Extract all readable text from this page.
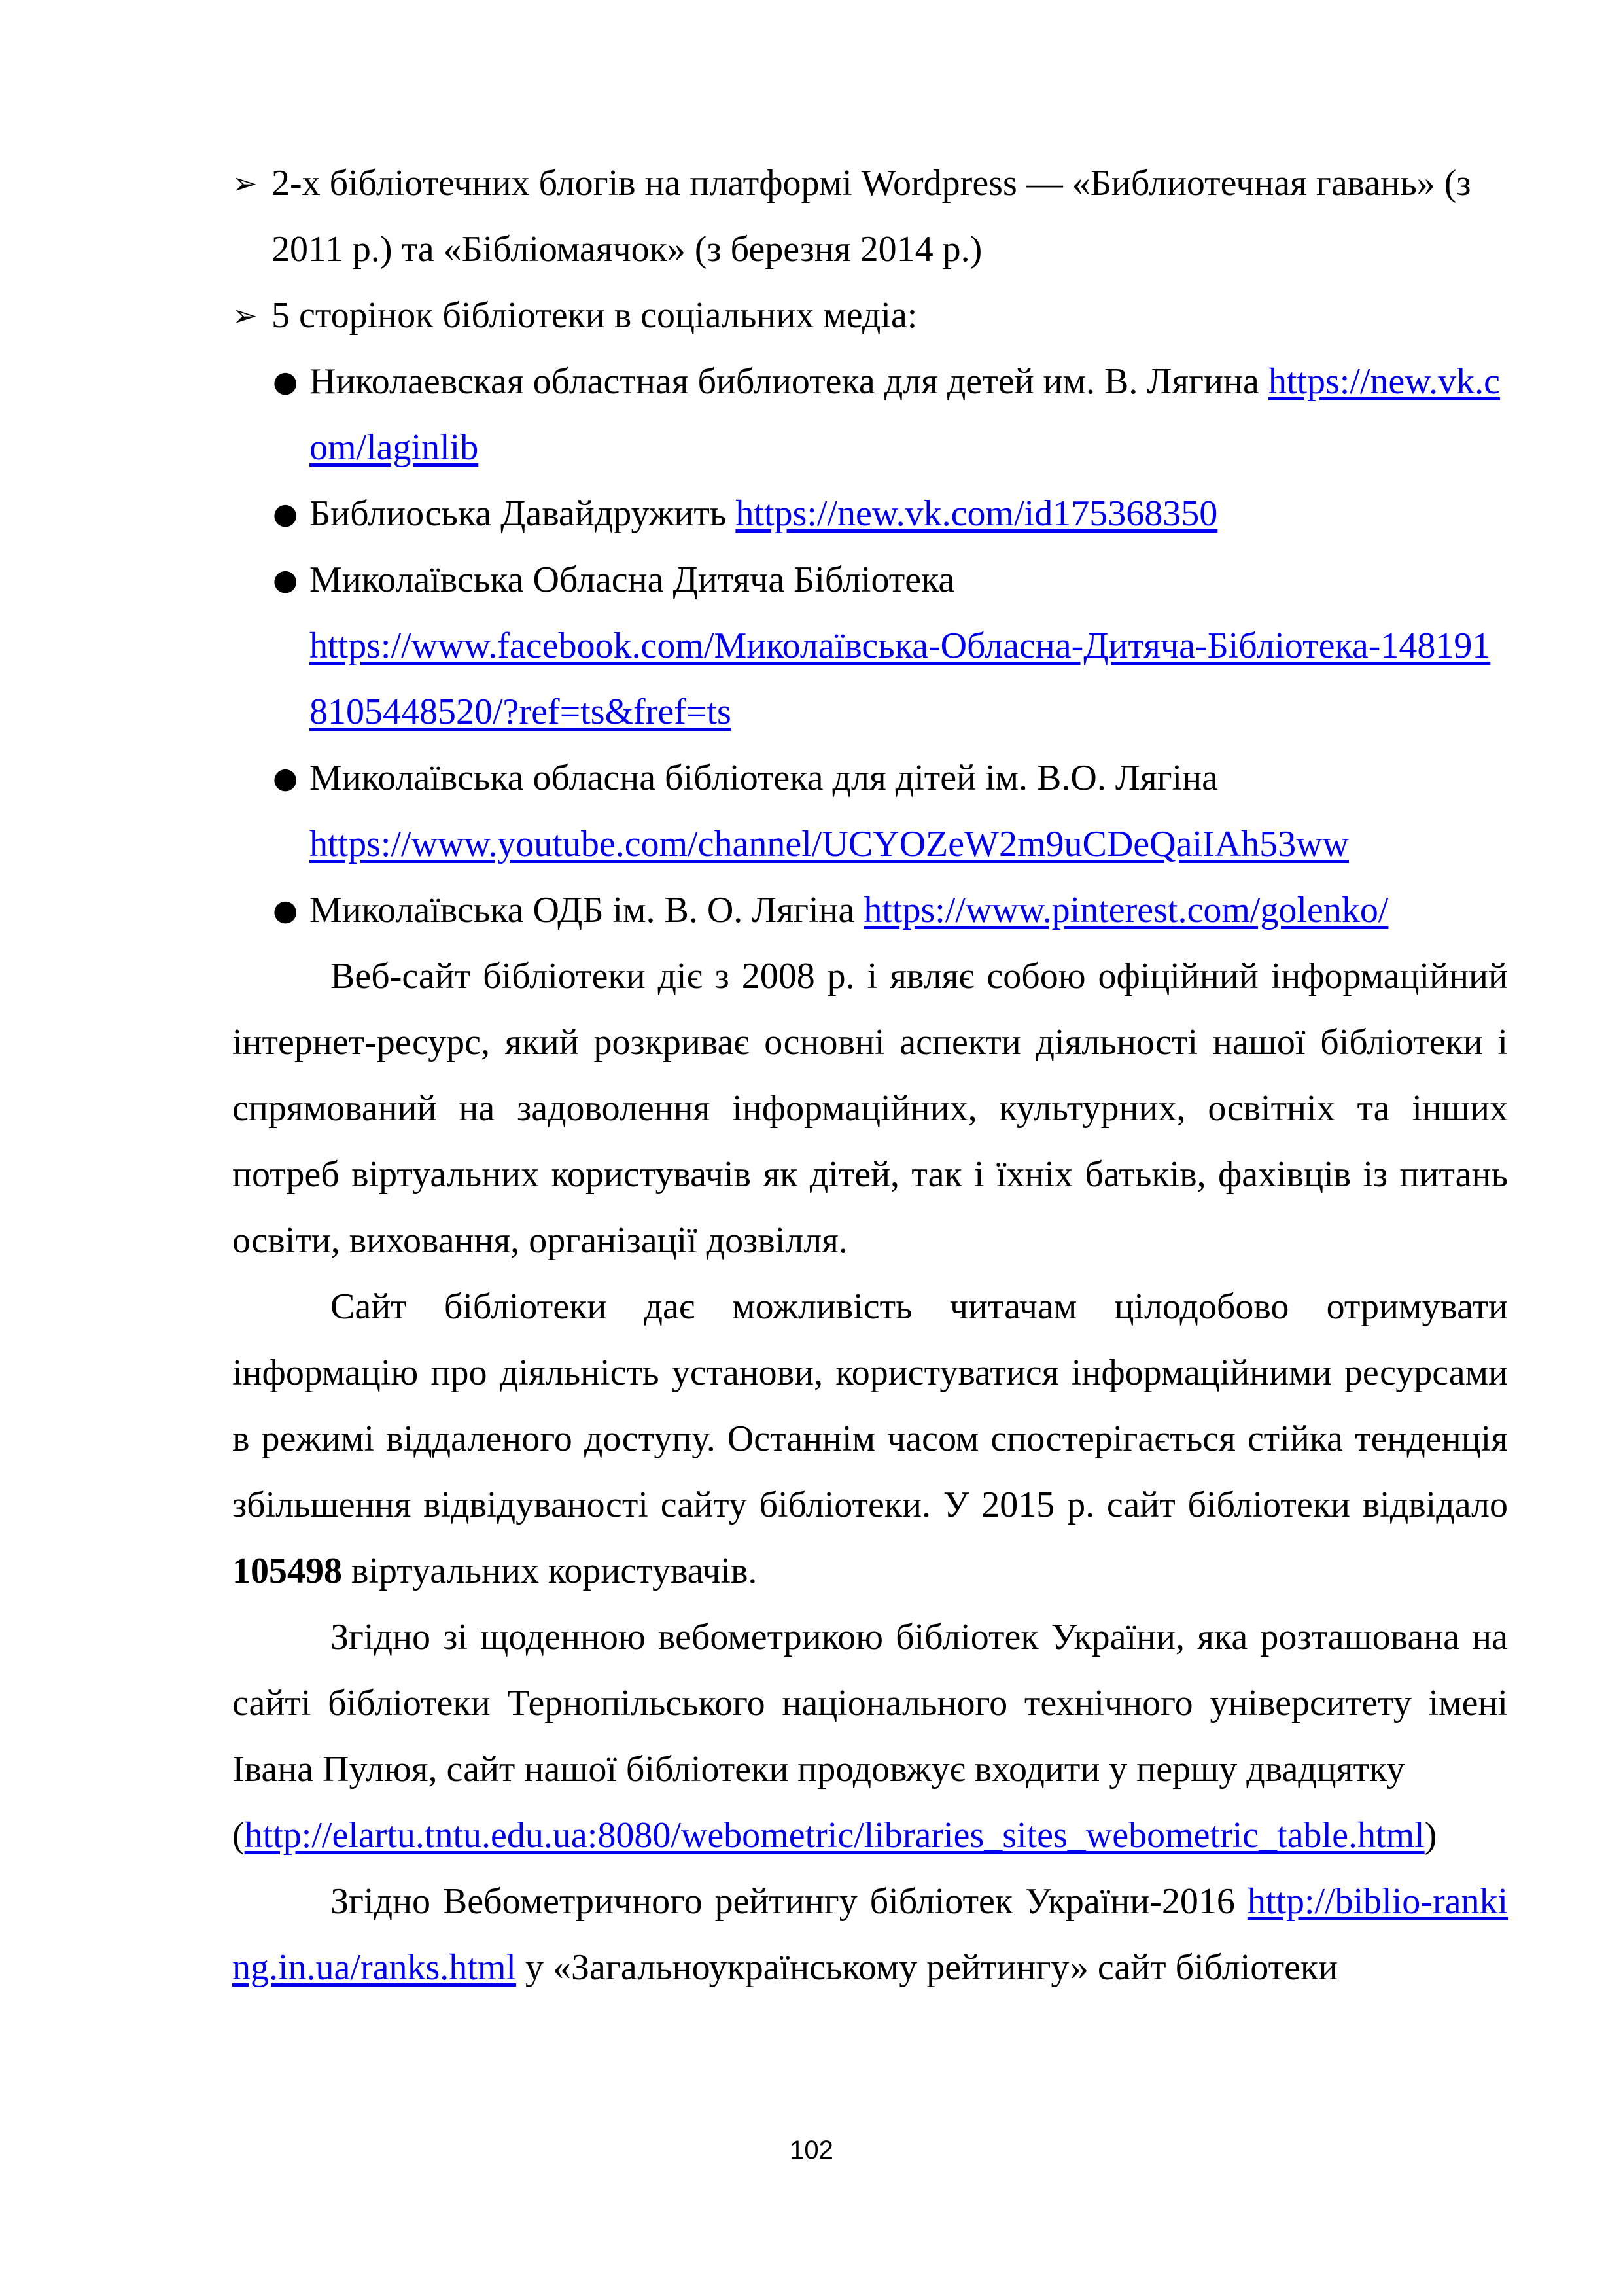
➢ 2-х бібліотечних блогів на платформі Wordpress — «Библиотечная гавань» (з 2011 р.) та «Бібліомаячок» (з березня 2014 р.)
➢ 5 сторінок бібліотеки в соціальних медіа:
● Николаевская областная библиотека для детей им. В. Лягина https://new.vk.com/laginlib
● Библиоська Давайдружить https://new.vk.com/id175368350
● Миколаївська Обласна Дитяча Бібліотека
https://www.facebook.com/Миколаївська-Обласна-Дитяча-Бібліотека-1481918105448520/?ref=ts&fref=ts
● Миколаївська обласна бібліотека для дітей ім. В.О. Лягіна
https://www.youtube.com/channel/UCYOZeW2m9uCDeQaiIAh53ww
● Миколаївська ОДБ ім. В. О. Лягіна https://www.pinterest.com/golenko/

Веб-сайт бібліотеки діє з 2008 р. і являє собою офіційний інформаційний інтернет-ресурс, який розкриває основні аспекти діяльності нашої бібліотеки і спрямований на задоволення інформаційних, культурних, освітніх та інших потреб віртуальних користувачів як дітей, так і їхніх батьків, фахівців із питань освіти, виховання, організації дозвілля.

Сайт бібліотеки дає можливість читачам цілодобово отримувати інформацію про діяльність установи, користуватися інформаційними ресурсами в режимі віддаленого доступу. Останнім часом спостерігається стійка тенденція збільшення відвідуваності сайту бібліотеки. У 2015 р. сайт бібліотеки відвідало 105498 віртуальних користувачів.

Згідно зі щоденною вебометрикою бібліотек України, яка розташована на сайті бібліотеки Тернопільського національного технічного університету імені Івана Пулюя, сайт нашої бібліотеки продовжує входити у першу двадцятку

(http://elartu.tntu.edu.ua:8080/webometric/libraries_sites_webometric_table.html)

Згідно Вебометричного рейтингу бібліотек України-2016 http://biblio-ranking.in.ua/ranks.html у «Загальноукраїнському рейтингу» сайт бібліотеки

102
